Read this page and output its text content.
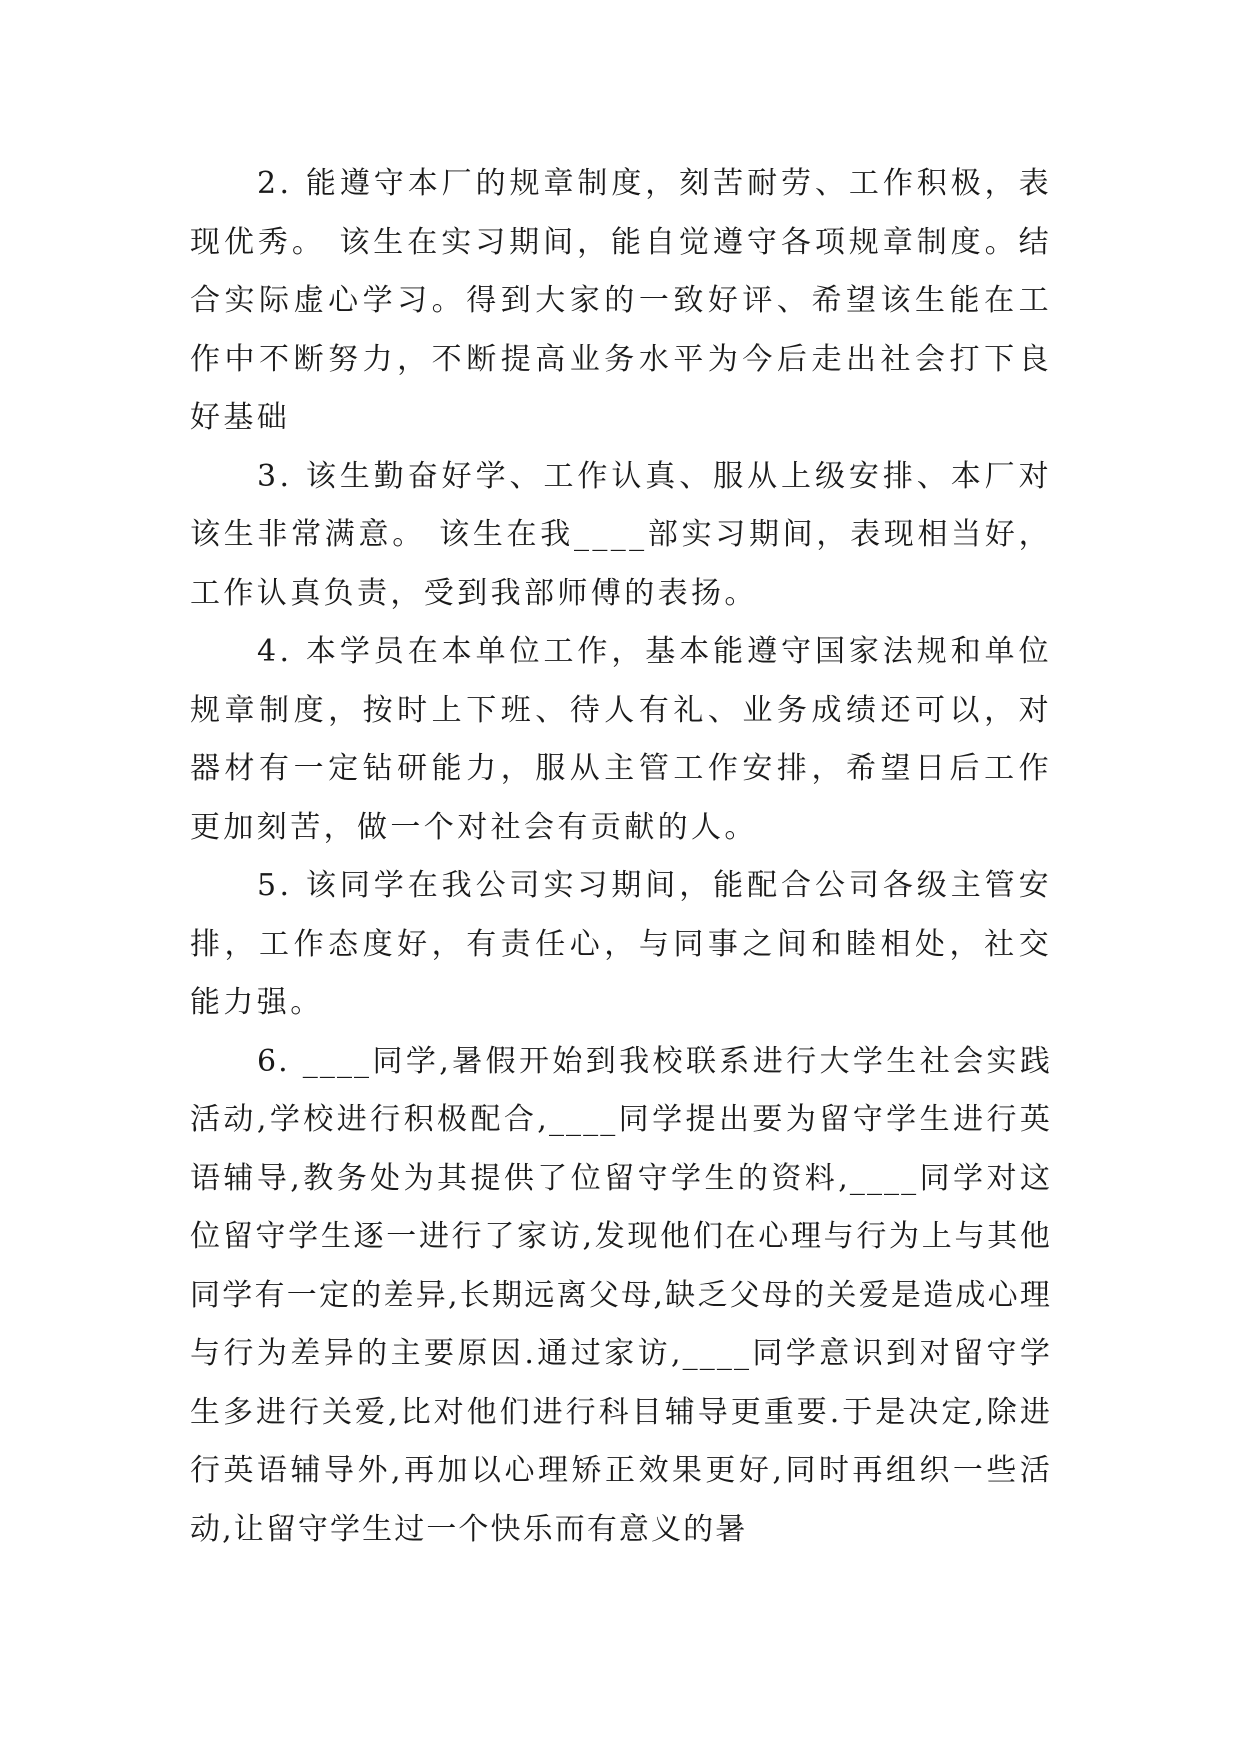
2. 能遵守本厂的规章制度，刻苦耐劳、工作积极，表现优秀。 该生在实习期间，能自觉遵守各项规章制度。结合实际虚心学习。得到大家的一致好评、希望该生能在工作中不断努力，不断提高业务水平为今后走出社会打下良好基础

3. 该生勤奋好学、工作认真、服从上级安排、本厂对该生非常满意。 该生在我____部实习期间，表现相当好，工作认真负责，受到我部师傅的表扬。

4. 本学员在本单位工作，基本能遵守国家法规和单位规章制度，按时上下班、待人有礼、业务成绩还可以，对器材有一定钻研能力，服从主管工作安排，希望日后工作更加刻苦，做一个对社会有贡献的人。

5. 该同学在我公司实习期间，能配合公司各级主管安排，工作态度好，有责任心，与同事之间和睦相处，社交能力强。

6. ____同学,暑假开始到我校联系进行大学生社会实践活动,学校进行积极配合,____同学提出要为留守学生进行英语辅导,教务处为其提供了位留守学生的资料,____同学对这位留守学生逐一进行了家访,发现他们在心理与行为上与其他同学有一定的差异,长期远离父母,缺乏父母的关爱是造成心理与行为差异的主要原因.通过家访,____同学意识到对留守学生多进行关爱,比对他们进行科目辅导更重要.于是决定,除进行英语辅导外,再加以心理矫正效果更好,同时再组织一些活动,让留守学生过一个快乐而有意义的暑
